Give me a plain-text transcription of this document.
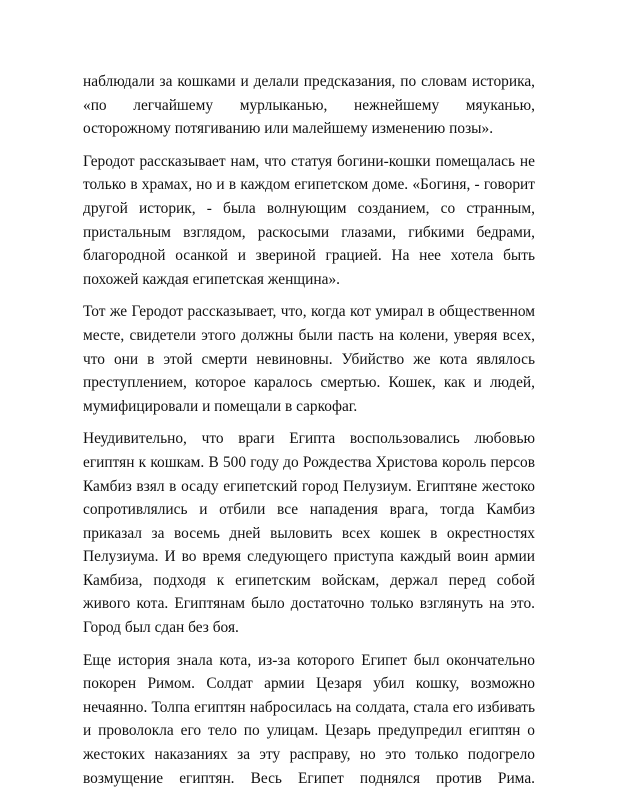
наблюдали за кошками и делали предсказания, по словам историка, «по легчайшему мурлыканью, нежнейшему мяуканью, осторожному потягиванию или малейшему изменению позы».

Геродот рассказывает нам, что статуя богини-кошки помещалась не только в храмах, но и в каждом египетском доме. «Богиня, - говорит другой историк, - была волнующим созданием, со странным, пристальным взглядом, раскосыми глазами, гибкими бедрами, благородной осанкой и звериной грацией. На нее хотела быть похожей каждая египетская женщина».

Тот же Геродот рассказывает, что, когда кот умирал в общественном месте, свидетели этого должны были пасть на колени, уверяя всех, что они в этой смерти невиновны. Убийство же кота являлось преступлением, которое каралось смертью. Кошек, как и людей, мумифицировали и помещали в саркофаг.

Неудивительно, что враги Египта воспользовались любовью египтян к кошкам. В 500 году до Рождества Христова король персов Камбиз взял в осаду египетский город Пелузиум. Египтяне жестоко сопротивлялись и отбили все нападения врага, тогда Камбиз приказал за восемь дней выловить всех кошек в окрестностях Пелузиума. И во время следующего приступа каждый воин армии Камбиза, подходя к египетским войскам, держал перед собой живого кота. Египтянам было достаточно только взглянуть на это. Город был сдан без боя.

Еще история знала кота, из-за которого Египет был окончательно покорен Римом. Солдат армии Цезаря убил кошку, возможно нечаянно. Толпа египтян набросилась на солдата, стала его избивать и проволокла его тело по улицам. Цезарь предупредил египтян о жестоких наказаниях за эту расправу, но это только подогрело возмущение египтян. Весь Египет поднялся против Рима.
